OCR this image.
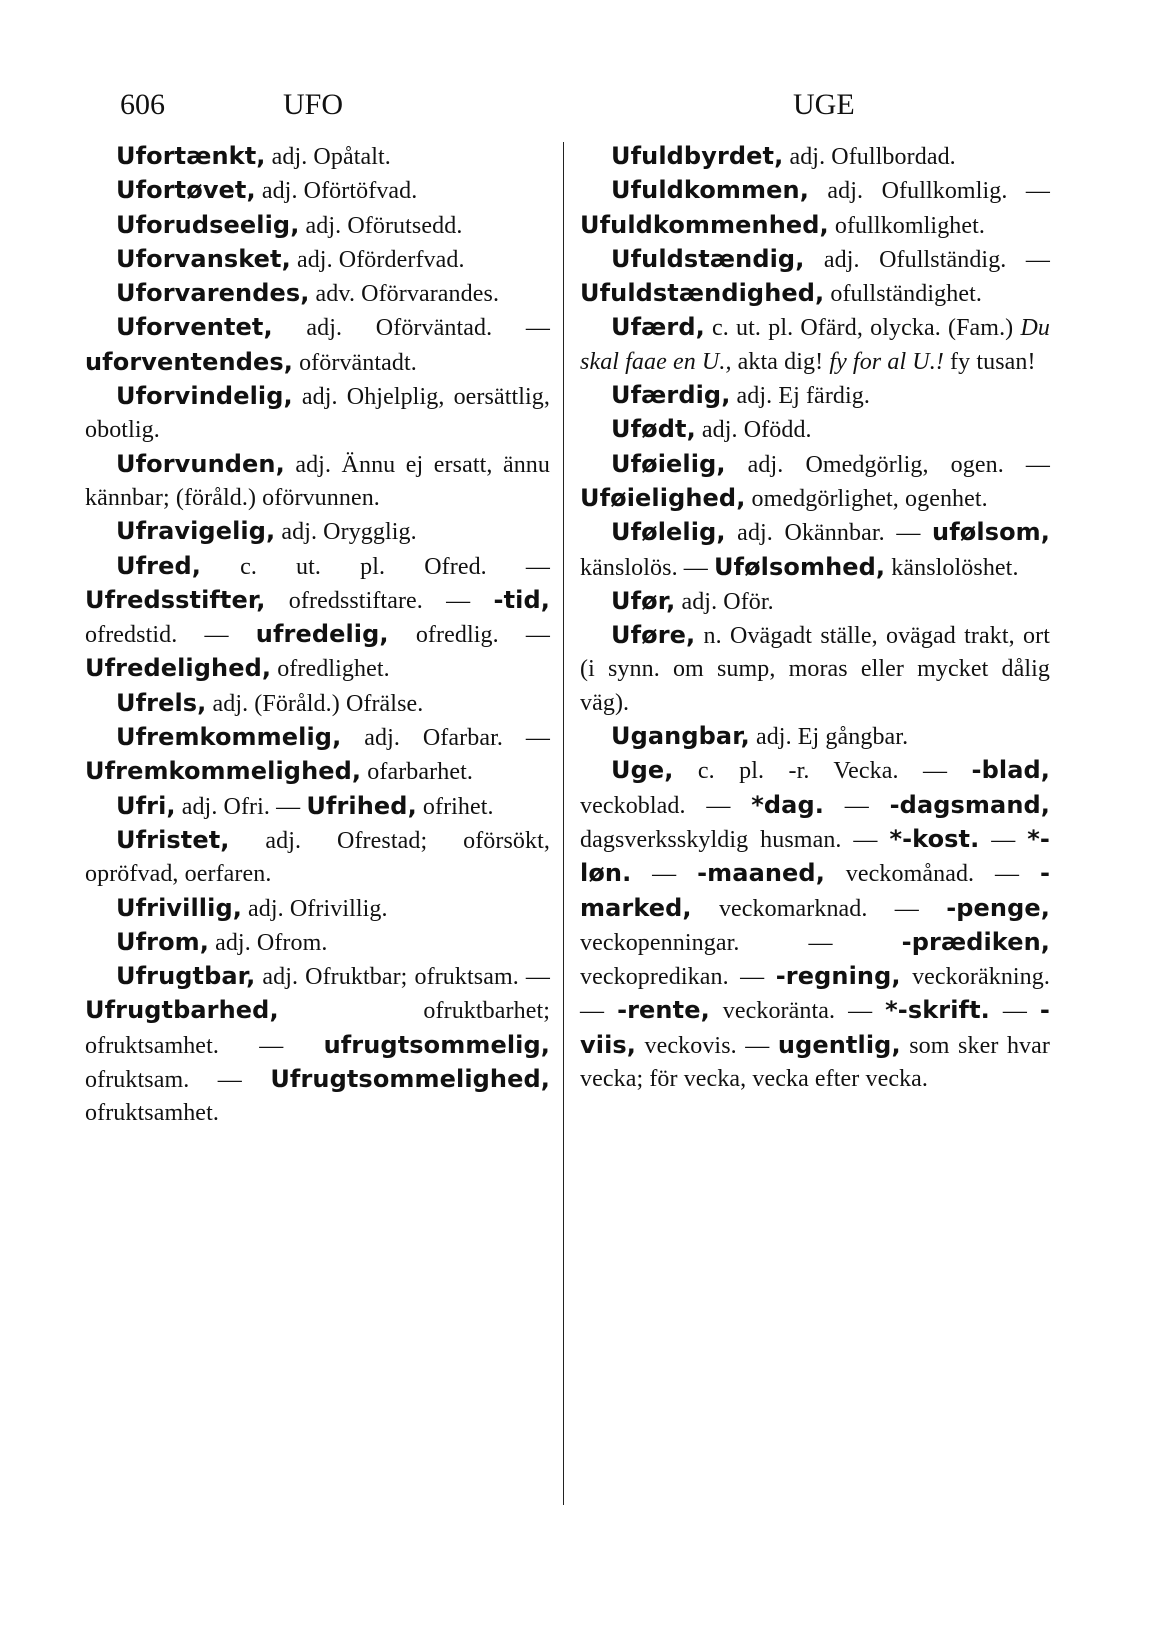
606	UFO	UGE

Ufortænkt, adj. Opåtalt.

Ufortøvet, adj. Oförtöfvad.

Uforudseelig, adj. Oförutsedd.

Uforvansket, adj. Oförderfvad.

Uforvarendes, adv. Oförvarandes.

Uforventet, adj. Oförväntad. — uforventendes, oförväntadt.

Uforvindelig, adj. Ohjelplig, oersättlig, obotlig.

Uforvunden, adj. Ännu ej ersatt, ännu kännbar; (föråld.) oförvunnen.

Ufravigelig, adj. Orygglig.

Ufred, c. ut. pl. Ofred. — Ufredsstifter, ofredsstiftare. — -tid, ofredstid. — ufredelig, ofredlig. — Ufredelighed, ofredlighet.

Ufrels, adj. (Föråld.) Ofrälse.

Ufremkommelig, adj. Ofarbar. — Ufremkommelighed, ofarbarhet.

Ufri, adj. Ofri. — Ufrihed, ofrihet.

Ufristet, adj. Ofrestad; oförsökt, opröfvad, oerfaren.

Ufrivillig, adj. Ofrivillig.

Ufrom, adj. Ofrom.

Ufrugtbar, adj. Ofruktbar; ofruktsam. — Ufrugtbarhed, ofruktbarhet; ofruktsamhet. — ufrugtsommelig, ofruktsam. — Ufrugtsommelighed, ofruktsamhet.

Ufuldbyrdet, adj. Ofullbordad.

Ufuldkommen, adj. Ofullkomlig. — Ufuldkommenhed, ofullkomlighet.

Ufuldstændig, adj. Ofullständig. — Ufuldstændighed, ofullständighet.

Ufærd, c. ut. pl. Ofärd, olycka. (Fam.) Du skal faae en U., akta dig! fy for al U.! fy tusan!

Ufærdig, adj. Ej färdig.

Ufødt, adj. Ofödd.

Uføielig, adj. Omedgörlig, ogen. — Uføielighed, omedgörlighet, ogenhet.

Ufølelig, adj. Okännbar. — ufølsom, känslolös. — Ufølsomhed, känslolöshet.

Ufør, adj. Oför.

Uføre, n. Ovägadt ställe, ovägad trakt, ort (i synn. om sump, moras eller mycket dålig väg).

Ugangbar, adj. Ej gångbar.

Uge, c. pl. -r. Vecka. — -blad, veckoblad. — *dag. — -dagsmand, dagsverksskyldig husman. — *-kost. — *-løn. — -maaned, veckomånad. — -marked, veckomarknad. — -penge, veckopenningar. — -prædiken, veckopredikan. — -regning, veckoräkning. — -rente, veckoränta. — *-skrift. — -viis, veckovis. — ugentlig, som sker hvar vecka; för vecka, vecka efter vecka.
